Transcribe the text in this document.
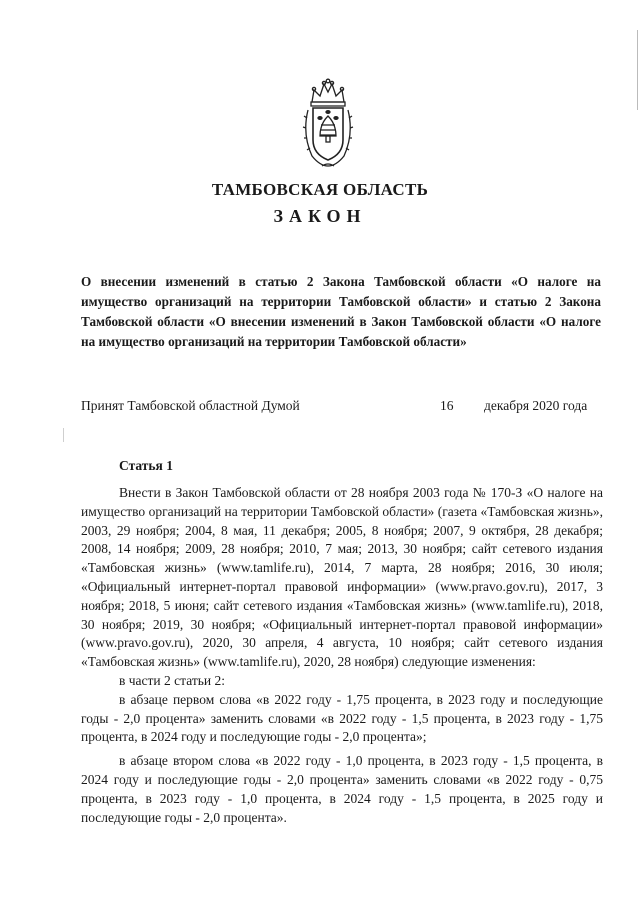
ТАМБОВСКАЯ ОБЛАСТЬ
ЗАКОН
О внесении изменений в статью 2 Закона Тамбовской области «О налоге на имущество организаций на территории Тамбовской области» и статью 2 Закона Тамбовской области «О внесении изменений в Закон Тамбовской области «О налоге на имущество организаций на территории Тамбовской области»
Принят Тамбовской областной Думой	16 декабря 2020 года
Статья 1

Внести в Закон Тамбовской области от 28 ноября 2003 года № 170-З «О налоге на имущество организаций на территории Тамбовской области» (газета «Тамбовская жизнь», 2003, 29 ноября; 2004, 8 мая, 11 декабря; 2005, 8 ноября; 2007, 9 октября, 28 декабря; 2008, 14 ноября; 2009, 28 ноября; 2010, 7 мая; 2013, 30 ноября; сайт сетевого издания «Тамбовская жизнь» (www.tamlife.ru), 2014, 7 марта, 28 ноября; 2016, 30 июля; «Официальный интернет-портал правовой информации» (www.pravo.gov.ru), 2017, 3 ноября; 2018, 5 июня; сайт сетевого издания «Тамбовская жизнь» (www.tamlife.ru), 2018, 30 ноября; 2019, 30 ноября; «Официальный интернет-портал правовой информации» (www.pravo.gov.ru), 2020, 30 апреля, 4 августа, 10 ноября; сайт сетевого издания «Тамбовская жизнь» (www.tamlife.ru), 2020, 28 ноября) следующие изменения:

в части 2 статьи 2:

в абзаце первом слова «в 2022 году - 1,75 процента, в 2023 году и последующие годы - 2,0 процента» заменить словами «в 2022 году - 1,5 процента, в 2023 году - 1,75 процента, в 2024 году и последующие годы - 2,0 процента»;

в абзаце втором слова «в 2022 году - 1,0 процента, в 2023 году - 1,5 процента, в 2024 году и последующие годы - 2,0 процента» заменить словами «в 2022 году - 0,75 процента, в 2023 году - 1,0 процента, в 2024 году - 1,5 процента, в 2025 году и последующие годы - 2,0 процента».
